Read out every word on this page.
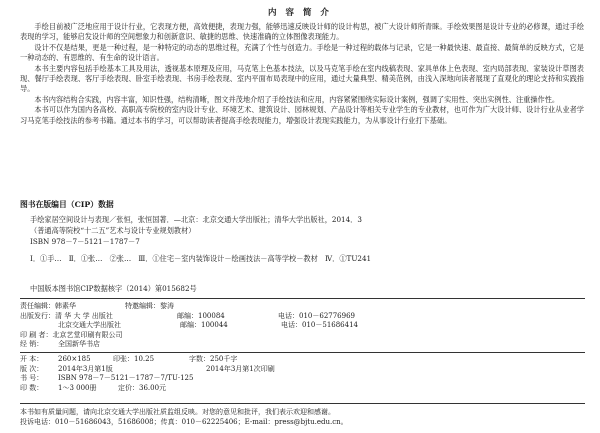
内 容 简 介

手绘目前被广泛地应用于设计行业，它表现方便，高效便捷，表现力强，能够迅速反映设计师的设计构思，被广大设计师所青睐。手绘效果图是设计专业的必修课，通过手绘表现的学习，能够启发设计师的空间想象力和创新意识、敏捷的思维、快速准确的立体图像表现能力。

设计不仅是结果，更是一种过程，是一种特定的动态的思维过程，充满了个性与创造力。手绘是一种过程的载体与记录，它是一种最快速、最直接、最简单的反映方式，它是一种动态的、有思维的、有生命的设计语言。

本书主要内容包括手绘基本工具及用法，透视基本原理及应用，马克笔上色基本技法，以及马克笔手绘在室内线稿表现、家具单体上色表现、室内局部表现、家装设计草图表现、餐厅手绘表现、客厅手绘表现、卧室手绘表现、书房手绘表现、室内平面布局表现中的应用，通过大量典型、精美范例，由浅入深地向读者展现了直观化的理论支持和实践指导。

本书内容结构合实践，内容丰富，知识性强，结构清晰，图文并茂地介绍了手绘技法和应用，内容紧紧围绕实际设计案例，强调了实用性、突出实例性、注重操作性。

本书可以作为国内各高校、高职高专院校的室内设计专业、环境艺术、建筑设计、园林规划、产品设计等相关专业学生的专业教材，也可作为广大设计师、设计行业从业者学习马克笔手绘技法的参考书籍。通过本书的学习，可以帮助读者提高手绘表现能力，增强设计表现实践能力，为从事设计行业打下基础。

图书在版编目（CIP）数据
手绘家居空间设计与表现／张恒，张恒国著．—北京：北京交通大学出版社；清华大学出版社，2014．3
（普通高等院校“十二五”艺术与设计专业规划教材）
ISBN 978－7－5121－1787－7
Ⅰ．①手…　Ⅱ．①张…　②张…　Ⅲ．①住宅－室内装饰设计－绘画技法－高等学校－教材　Ⅳ．①TU241
中国版本图书馆CIP数据核字（2014）第015682号
责任编辑： 韩素华	特邀编辑： 黎涛
出版发行： 清 华 大 学 出版社	邮编： 100084	电话： 010－62776969
北京交通大学出版社	邮编： 100044	电话： 010－51686414
印 刷 者： 北京艺堂印刷有限公司
经 销：	全国新华书店
开 本：	260×185	印张： 10.25	字数： 250千字
版 次：	2014年3月第1版	2014年3月第1次印刷
书 号：	ISBN 978－7－5121－1787－7/TU·125
印 数：	1～3 000册	定价： 36.00元
本书如有质量问题，请向北京交通大学出版社质监组反映。对您的意见和批评，我们表示欢迎和感谢。
投诉电话：010－51686043，51686008；传真：010－62225406；E-mail：press@bjtu.edu.cn。
